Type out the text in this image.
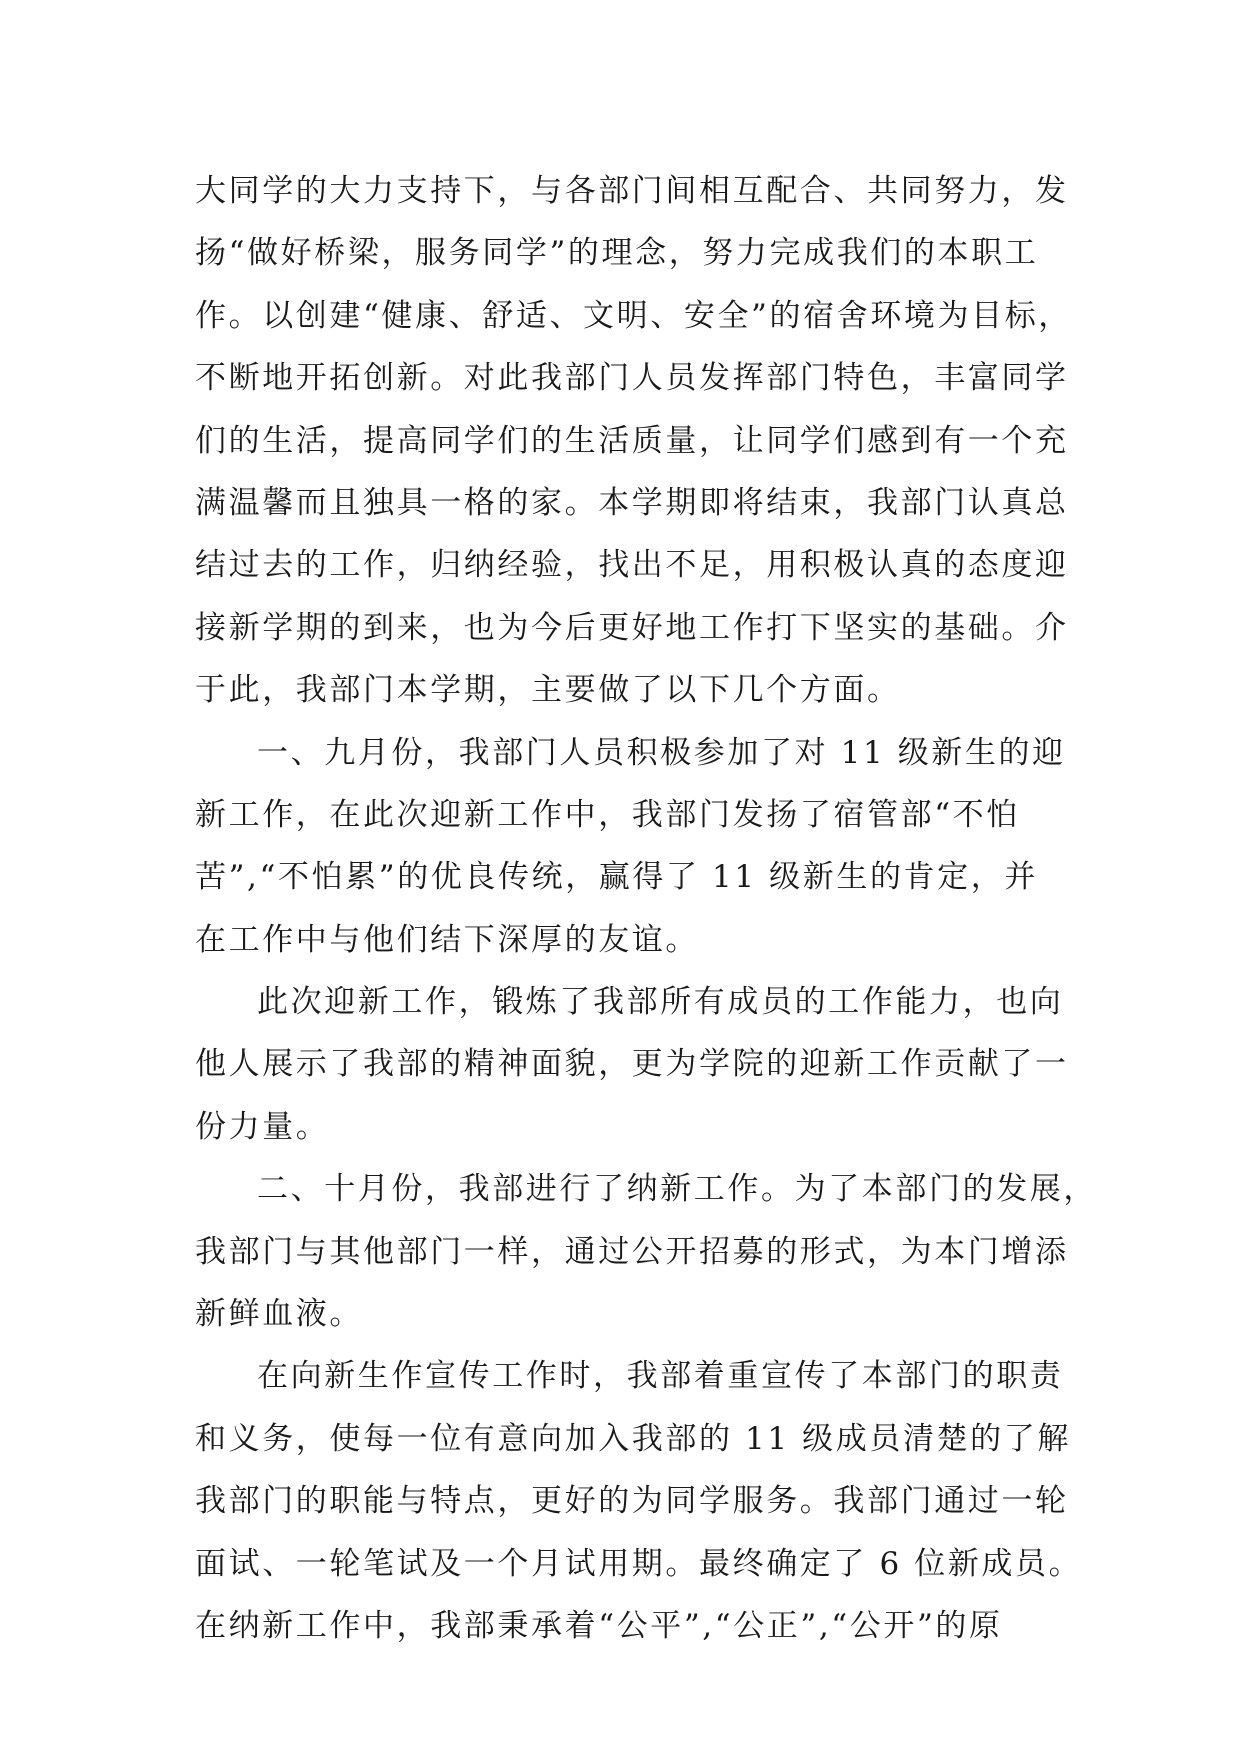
大同学的大力支持下，与各部门间相互配合、共同努力，发
扬“做好桥梁，服务同学”的理念，努力完成我们的本职工
作。以创建“健康、舒适、文明、安全”的宿舍环境为目标，
不断地开拓创新。对此我部门人员发挥部门特色，丰富同学
们的生活，提高同学们的生活质量，让同学们感到有一个充
满温馨而且独具一格的家。本学期即将结束，我部门认真总
结过去的工作，归纳经验，找出不足，用积极认真的态度迎
接新学期的到来，也为今后更好地工作打下坚实的基础。介
于此，我部门本学期，主要做了以下几个方面。
一、九月份，我部门人员积极参加了对 11 级新生的迎
新工作，在此次迎新工作中，我部门发扬了宿管部“不怕
苦”,“不怕累”的优良传统，赢得了 11 级新生的肯定，并
在工作中与他们结下深厚的友谊。
此次迎新工作，锻炼了我部所有成员的工作能力，也向
他人展示了我部的精神面貌，更为学院的迎新工作贡献了一
份力量。
二、十月份，我部进行了纳新工作。为了本部门的发展，
我部门与其他部门一样，通过公开招募的形式，为本门增添
新鲜血液。
在向新生作宣传工作时，我部着重宣传了本部门的职责
和义务，使每一位有意向加入我部的 11 级成员清楚的了解
我部门的职能与特点，更好的为同学服务。我部门通过一轮
面试、一轮笔试及一个月试用期。最终确定了 6 位新成员。
在纳新工作中，我部秉承着“公平”,“公正”,“公开”的原
